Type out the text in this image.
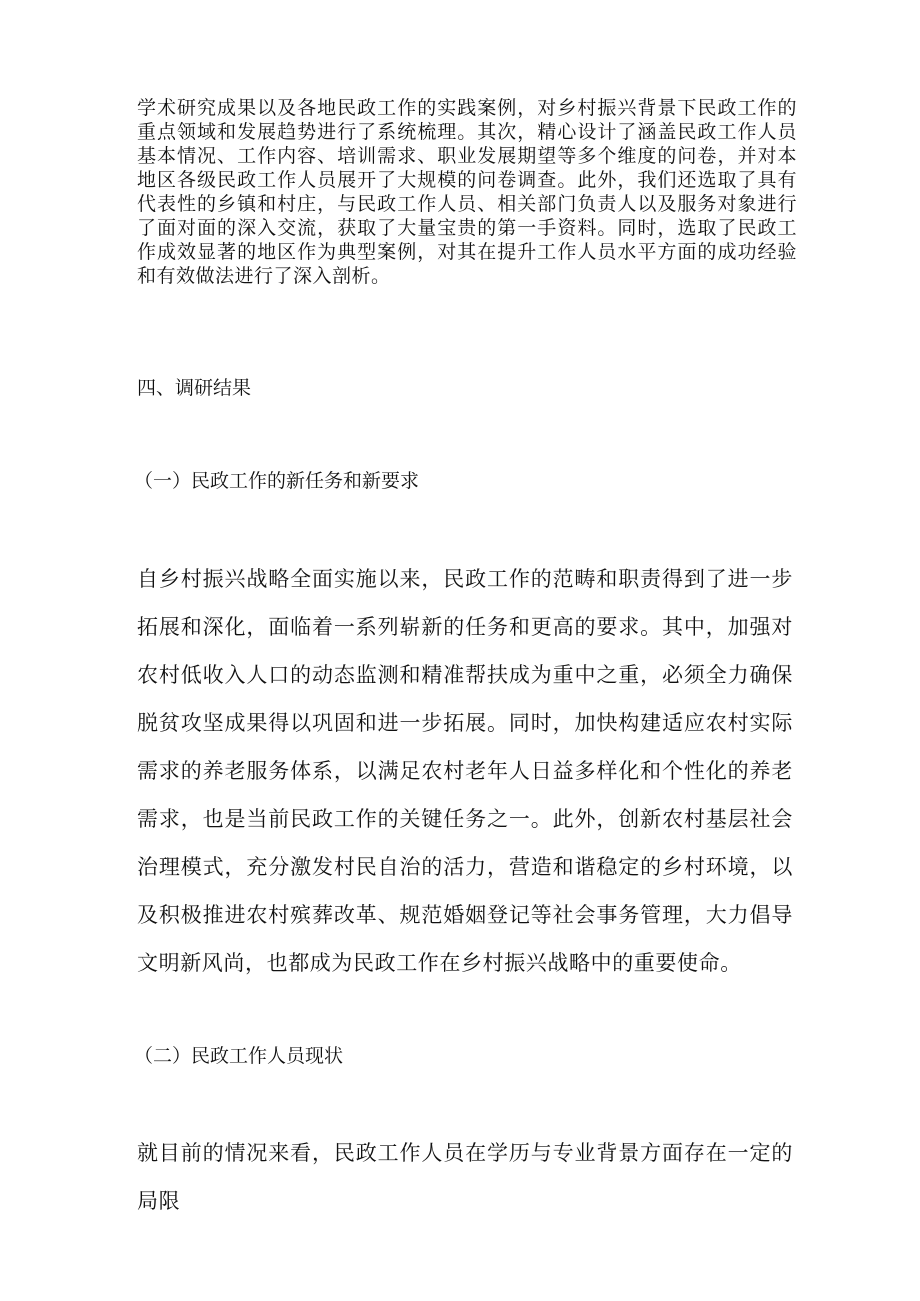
学术研究成果以及各地民政工作的实践案例，对乡村振兴背景下民政工作的重点领域和发展趋势进行了系统梳理。其次，精心设计了涵盖民政工作人员基本情况、工作内容、培训需求、职业发展期望等多个维度的问卷，并对本地区各级民政工作人员展开了大规模的问卷调查。此外，我们还选取了具有代表性的乡镇和村庄，与民政工作人员、相关部门负责人以及服务对象进行了面对面的深入交流，获取了大量宝贵的第一手资料。同时，选取了民政工作成效显著的地区作为典型案例，对其在提升工作人员水平方面的成功经验和有效做法进行了深入剖析。

四、调研结果
（一）民政工作的新任务和新要求

自乡村振兴战略全面实施以来，民政工作的范畴和职责得到了进一步拓展和深化，面临着一系列崭新的任务和更高的要求。其中，加强对农村低收入人口的动态监测和精准帮扶成为重中之重，必须全力确保脱贫攻坚成果得以巩固和进一步拓展。同时，加快构建适应农村实际需求的养老服务体系，以满足农村老年人日益多样化和个性化的养老需求，也是当前民政工作的关键任务之一。此外，创新农村基层社会治理模式，充分激发村民自治的活力，营造和谐稳定的乡村环境，以及积极推进农村殡葬改革、规范婚姻登记等社会事务管理，大力倡导文明新风尚，也都成为民政工作在乡村振兴战略中的重要使命。

（二）民政工作人员现状

就目前的情况来看，民政工作人员在学历与专业背景方面存在一定的局限
